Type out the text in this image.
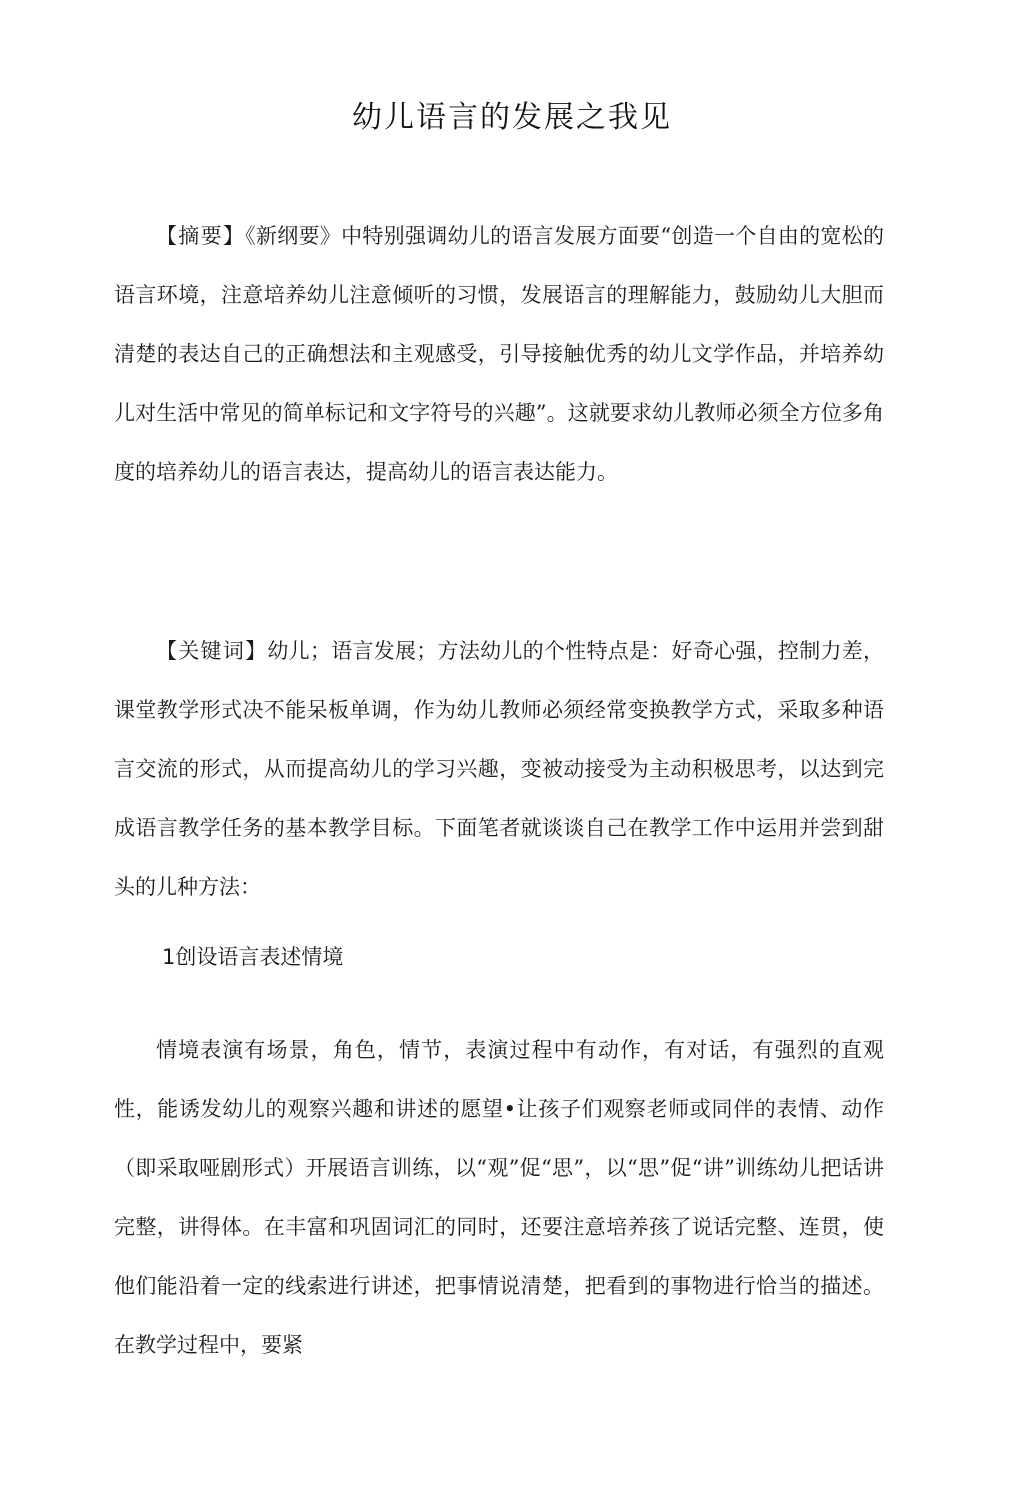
幼儿语言的发展之我见

【摘要】《新纲要》中特别强调幼儿的语言发展方面要“创造一个自由的宽松的语言环境，注意培养幼儿注意倾听的习惯，发展语言的理解能力，鼓励幼儿大胆而清楚的表达自己的正确想法和主观感受，引导接触优秀的幼儿文学作品，并培养幼儿对生活中常见的简单标记和文字符号的兴趣”。这就要求幼儿教师必须全方位多角度的培养幼儿的语言表达，提高幼儿的语言表达能力。

【关键词】幼儿；语言发展；方法幼儿的个性特点是：好奇心强，控制力差，课堂教学形式决不能呆板单调，作为幼儿教师必须经常变换教学方式，采取多种语言交流的形式，从而提高幼儿的学习兴趣，变被动接受为主动积极思考，以达到完成语言教学任务的基本教学目标。下面笔者就谈谈自己在教学工作中运用并尝到甜头的儿种方法：

1创设语言表述情境

情境表演有场景，角色，情节，表演过程中有动作，有对话，有强烈的直观性，能诱发幼儿的观察兴趣和讲述的愿望•让孩子们观察老师或同伴的表情、动作（即采取哑剧形式）开展语言训练，以“观”促“思”，以“思”促“讲”训练幼儿把话讲完整，讲得体。在丰富和巩固词汇的同时，还要注意培养孩了说话完整、连贯，使他们能沿着一定的线索进行讲述，把事情说清楚，把看到的事物进行恰当的描述。在教学过程中，要紧
